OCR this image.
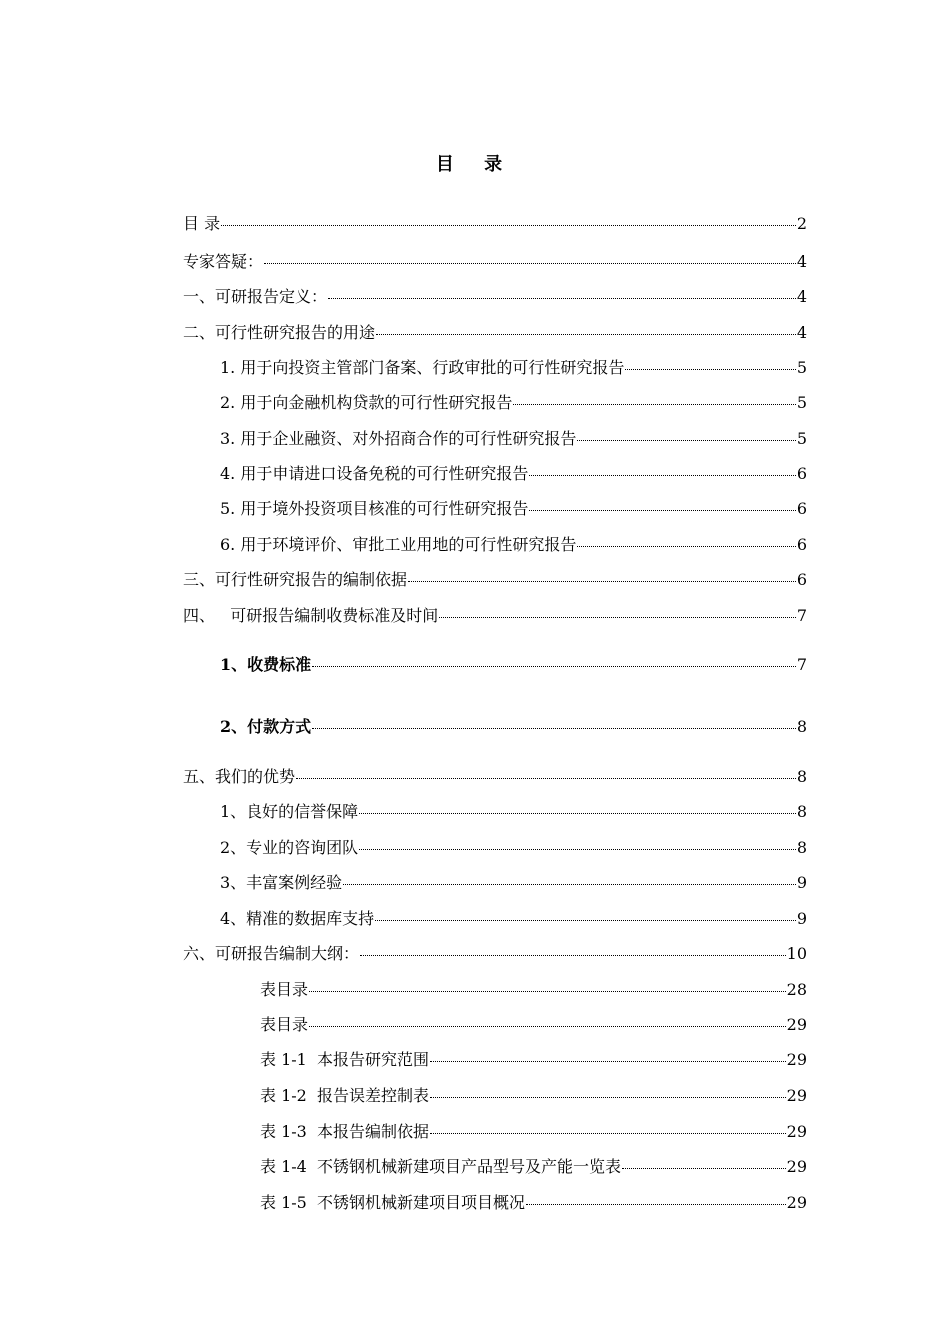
目 录
目 录	2
专家答疑：	4
一、可研报告定义：	4
二、可行性研究报告的用途	4
1. 用于向投资主管部门备案、行政审批的可行性研究报告	5
2. 用于向金融机构贷款的可行性研究报告	5
3. 用于企业融资、对外招商合作的可行性研究报告	5
4. 用于申请进口设备免税的可行性研究报告	6
5. 用于境外投资项目核准的可行性研究报告	6
6. 用于环境评价、审批工业用地的可行性研究报告	6
三、可行性研究报告的编制依据	6
四、   可研报告编制收费标准及时间	7
1、收费标准	7
2、付款方式	8
五、我们的优势	8
1、良好的信誉保障	8
2、专业的咨询团队	8
3、丰富案例经验	9
4、精准的数据库支持	9
六、可研报告编制大纲：	10
表目录	28
表目录	29
表 1-1  本报告研究范围	29
表 1-2  报告误差控制表	29
表 1-3  本报告编制依据	29
表 1-4  不锈钢机械新建项目产品型号及产能一览表	29
表 1-5  不锈钢机械新建项目项目概况	29
